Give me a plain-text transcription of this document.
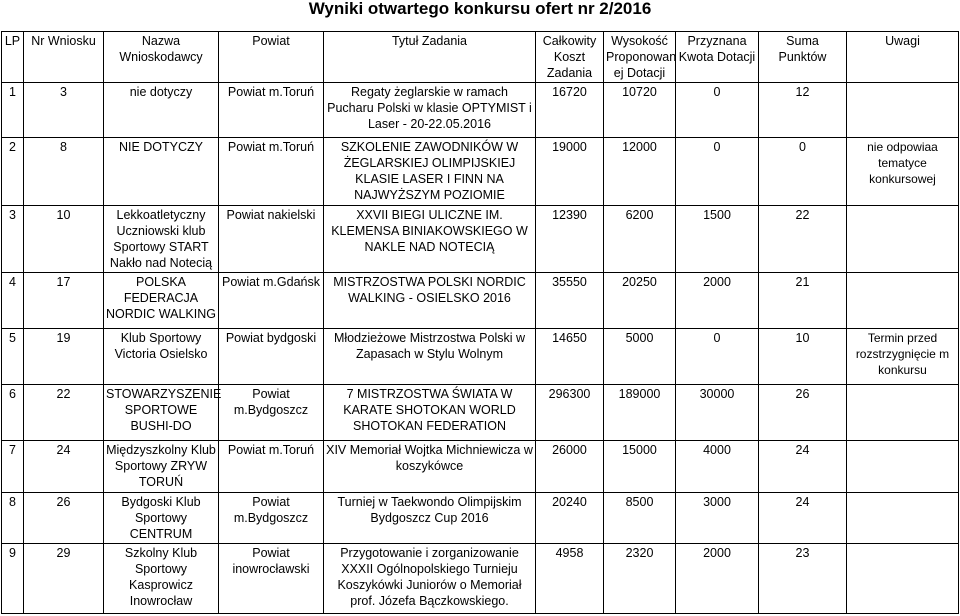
Wyniki otwartego konkursu ofert nr 2/2016
LP	Nr Wniosku	Nazwa Wnioskodawcy	Powiat	Tytuł Zadania	Całkowity Koszt Zadania	Wysokość Proponowan ej Dotacji	Przyznana Kwota Dotacji	Suma Punktów	Uwagi
1	3	nie dotyczy	Powiat m.Toruń	Regaty żeglarskie w ramach Pucharu Polski w klasie OPTYMIST i Laser - 20-22.05.2016	16720	10720	0	12	
2	8	NIE DOTYCZY	Powiat m.Toruń	SZKOLENIE ZAWODNIKÓW W ŻEGLARSKIEJ OLIMPIJSKIEJ KLASIE LASER I FINN NA NAJWYŻSZYM POZIOMIE	19000	12000	0	0	nie odpowiaa tematyce konkursowej
3	10	Lekkoatletyczny Uczniowski klub Sportowy START Nakło nad Notecią	Powiat nakielski	XXVII BIEGI ULICZNE IM. KLEMENSA BINIAKOWSKIEGO W NAKLE NAD NOTECIĄ	12390	6200	1500	22	
4	17	POLSKA FEDERACJA NORDIC WALKING	Powiat m.Gdańsk	MISTRZOSTWA POLSKI NORDIC WALKING - OSIELSKO 2016	35550	20250	2000	21	
5	19	Klub Sportowy Victoria Osielsko	Powiat bydgoski	Młodzieżowe Mistrzostwa Polski w Zapasach w Stylu Wolnym	14650	5000	0	10	Termin przed rozstrzygnięcie m konkursu
6	22	STOWARZYSZENIE SPORTOWE BUSHI-DO	Powiat m.Bydgoszcz	7 MISTRZOSTWA ŚWIATA W KARATE SHOTOKAN WORLD SHOTOKAN FEDERATION	296300	189000	30000	26	
7	24	Międzyszkolny Klub Sportowy ZRYW TORUŃ	Powiat m.Toruń	XIV Memoriał Wojtka Michniewicza w koszykówce	26000	15000	4000	24	
8	26	Bydgoski Klub Sportowy CENTRUM	Powiat m.Bydgoszcz	Turniej w Taekwondo Olimpijskim Bydgoszcz Cup 2016	20240	8500	3000	24	
9	29	Szkolny Klub Sportowy Kasprowicz Inowrocław	Powiat inowrocławski	Przygotowanie i zorganizowanie XXXII Ogólnopolskiego Turnieju Koszykówki Juniorów o Memoriał prof. Józefa Bączkowskiego.	4958	2320	2000	23	
